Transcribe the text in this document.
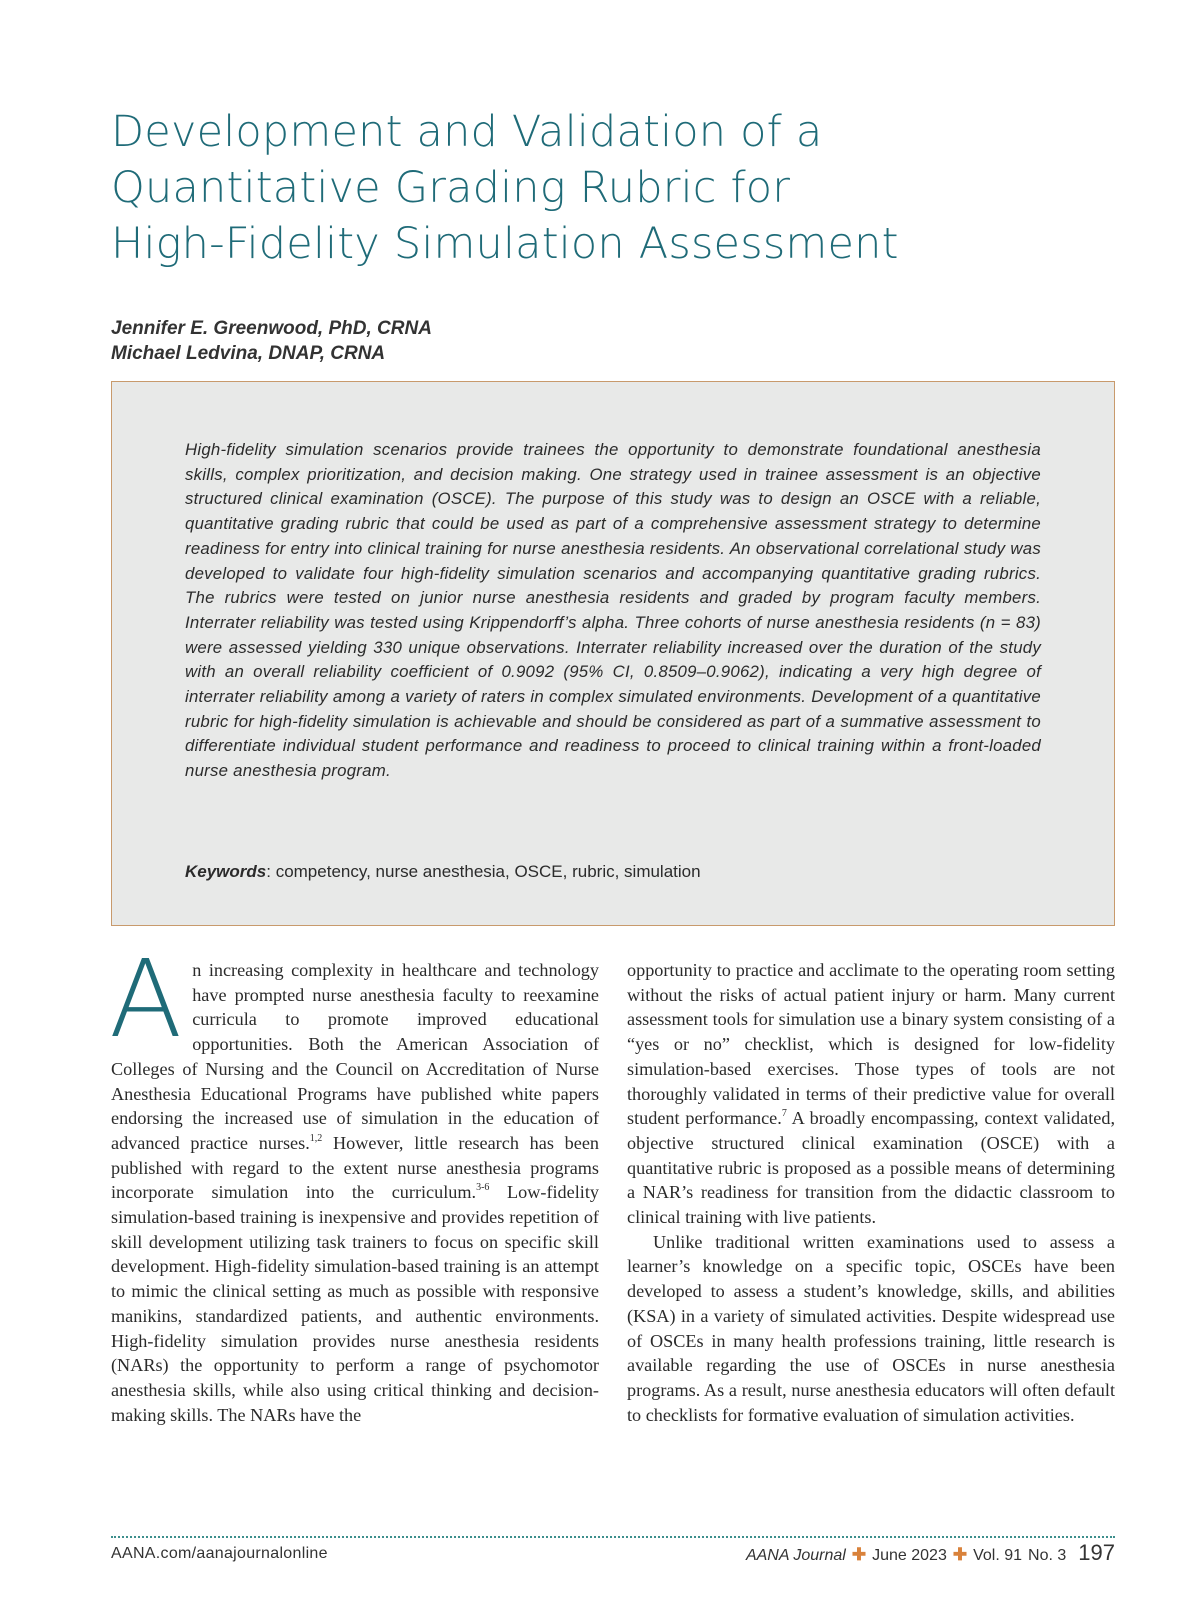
Development and Validation of a
Quantitative Grading Rubric for
High-Fidelity Simulation Assessment
Jennifer E. Greenwood, PhD, CRNA
Michael Ledvina, DNAP, CRNA

High-fidelity simulation scenarios provide trainees the opportunity to demonstrate foundational anesthesia skills, complex prioritization, and decision making. One strategy used in trainee assessment is an objective structured clinical examination (OSCE). The purpose of this study was to design an OSCE with a reliable, quantitative grading rubric that could be used as part of a comprehensive assessment strategy to determine readiness for entry into clinical training for nurse anesthesia residents. An observational correlational study was developed to validate four high-fidelity simulation scenarios and accompanying quantitative grading rubrics. The rubrics were tested on junior nurse anesthesia residents and graded by program faculty members. Interrater reliability was tested using Krippendorff’s alpha. Three cohorts of nurse anesthesia residents (n = 83) were assessed yielding 330 unique observations. Interrater reliability increased over the duration of the study with an overall reliability coefficient of 0.9092 (95% CI, 0.8509–0.9062), indicating a very high degree of interrater reliability among a variety of raters in complex simulated environments. Development of a quantitative rubric for high-fidelity simulation is achievable and should be considered as part of a summative assessment to differentiate individual student performance and readiness to proceed to clinical training within a front-loaded nurse anesthesia program.

Keywords: competency, nurse anesthesia, OSCE, rubric, simulation

An increasing complexity in healthcare and technology have prompted nurse anesthesia faculty to reexamine curricula to promote improved educational opportunities. Both the American Association of Colleges of Nursing and the Council on Accreditation of Nurse Anesthesia Educational Programs have published white papers endorsing the increased use of simulation in the education of advanced practice nurses.$^{1,2}$ However, little research has been published with regard to the extent nurse anesthesia programs incorporate simulation into the curriculum.$^{3-6}$ Low-fidelity simulation-based training is inexpensive and provides repetition of skill development utilizing task trainers to focus on specific skill development. High-fidelity simulation-based training is an attempt to mimic the clinical setting as much as possible with responsive manikins, standardized patients, and authentic environments. High-fidelity simulation provides nurse anesthesia residents (NARs) the opportunity to perform a range of psychomotor anesthesia skills, while also using critical thinking and decision-making skills. The NARs have the

opportunity to practice and acclimate to the operating room setting without the risks of actual patient injury or harm. Many current assessment tools for simulation use a binary system consisting of a “yes or no” checklist, which is designed for low-fidelity simulation-based exercises. Those types of tools are not thoroughly validated in terms of their predictive value for overall student performance.$^7$ A broadly encompassing, context validated, objective structured clinical examination (OSCE) with a quantitative rubric is proposed as a possible means of determining a NAR’s readiness for transition from the didactic classroom to clinical training with live patients.

Unlike traditional written examinations used to assess a learner’s knowledge on a specific topic, OSCEs have been developed to assess a student’s knowledge, skills, and abilities (KSA) in a variety of simulated activities. Despite widespread use of OSCEs in many health professions training, little research is available regarding the use of OSCEs in nurse anesthesia programs. As a result, nurse anesthesia educators will often default to checklists for formative evaluation of simulation activities.

AANA.com/aanajournalonline	AANA Journal ✚ June 2023 ✚ Vol. 91 No. 3 197
